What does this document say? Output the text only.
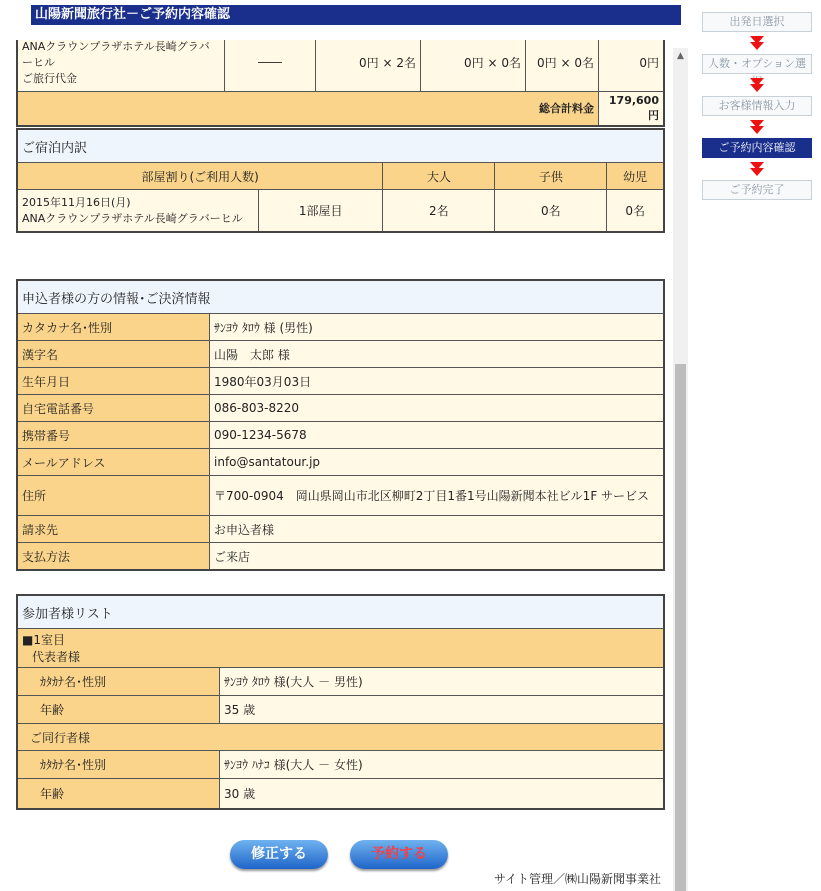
山陽新聞旅行社－ご予約内容確認	出発日選択
人数・オプション選択
お客様情報入力
ご予約内容確認
ご予約完了
ANAクラウンプラザホテル長崎グラバーヒル
ご旅行代金	――	0円 × 2名	0円 × 0名	0円 × 0名	0円
総合計料金					179,600円
ご宿泊内訳				
部屋割り(ご利用人数)		大人	子供	幼児

2015年11月16日(月)
ANAクラウンプラザホテル長崎グラバーヒル	1部屋目	2名	0名	0名
申込者様の方の情報･ご決済情報	
カタカナ名･性別	ｻﾝﾖｳ ﾀﾛｳ 様 (男性)
漢字名	山陽　太郎 様
生年月日	1980年03月03日
自宅電話番号	086-803-8220
携帯番号	090-1234-5678
メールアドレス	info@santatour.jp
住所	〒700-0904　岡山県岡山市北区柳町2丁目1番1号山陽新聞本社ビル1F サービス
請求先	お申込者様
支払方法	ご来店
参加者様リスト	

■1室目
代表者様	

ｶﾀｶﾅ名･性別	ｻﾝﾖｳ ﾀﾛｳ 様(大人 － 男性)
年齢	35 歳
ご同行者様	
ｶﾀｶﾅ名･性別	ｻﾝﾖｳ ﾊﾅｺ 様(大人 － 女性)
年齢	30 歳
修正する	予約する
サイト管理／㈱山陽新聞事業社
▲
